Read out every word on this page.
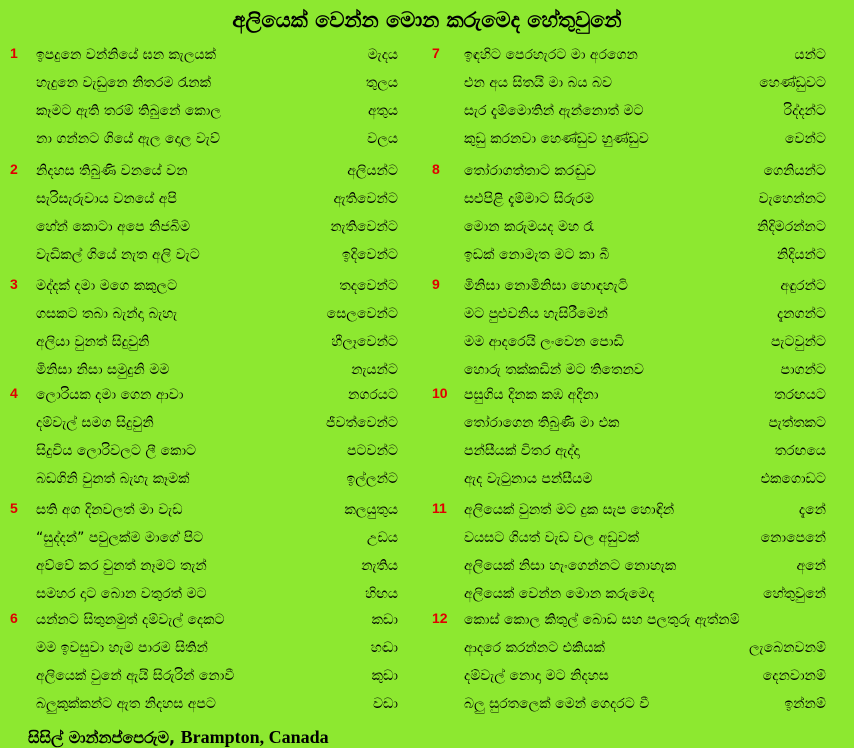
අලියෙක් වෙන්න මොන කරුමෙද හේතුවුනේ
1 ඉපදුනෙ වන්නියේ ඝන කැලයක්	මැදය
හැදුනෙ වැඩුනෙ නිතරම රැනක්	තුලය
කෑමට ඇති තරම් තිබුනේ කොල	අතුය
නා ගන්නට ගියේ ඇල දොල වැව්	වලය
2 නිදහස තිබුණි වනයේ වන	අලියන්ට
සැරිසැරුවාය වනයේ අපි	ඇතිවෙන්ට
හේන් කොටා අපෙ නිජබිම	නැතිවෙන්ට
වැඩිකල් ගියේ නැත අලි වැට	ඉදිවෙන්ට
3 මද්දක් දමා මගෙ කකුලට	තදවෙන්ට
ගසකට තබා බැන්දා බැහැ	සෙලවෙන්ට
අලියා වුනත් සිදුවුනි	හීලෑවෙන්ට
මිනිසා නිසා සමුදුනි මම	නැයන්ට
4 ලොරියක දමා ගෙන ආවා	නගරයට
දම්වැල් සමග සිදුවුනි	ජීවත්වෙන්ට
සිදුවිය ලොරිවලට ලී කොට	පටවන්ට
බඩගිනි වුනත් බැහැ කෑමක්	ඉල්ලන්ට
5 සති අග දිනවලත් මා වැඩ	කලයුතුය
“සුද්දන්” පවුලක්ම මාගේ පිට	උඩය
අව්වේ කර වුනත් නෑමට තැන්	නැතිය
සමහර දාට බොන වතුරත් මට	හිඟය
6 යන්නට සිතුනමුත් දම්වැල් දෙකට	කඩා
මම ඉවසුවා හැම පාරම සිතින්	හඬා
අලියෙක් වුනේ ඇයි සිරුරින් නොවී	කුඩා
බලුකුක්කන්ට ඇත නිදහස අපට	වඩා
7 ඉඳහිට පෙරහැරට මා අරගෙන	යන්ට
එන අය සිතයි මා බය බව	හෙණ්ඩුවට
සැර දැම්මොතින් ඇන්නොත් මට	රිද්දන්ට
කුඩු කරනවා හෙණ්ඩුව හුණ්ඩුව	වෙන්ට
8 තෝරාගත්තාට කරඬුව	ගෙනියන්ට
සළුපිළි දැම්මාට සිරුරම	වැහෙන්නට
මොන කරුමයද මහ රෑ	නිදිමරන්නට
ඉඩක් නොමැත මට කා බී	නිදියන්ට
9 මිනිසා නොමිනිසා හොඳහැටි	අඳුරන්ට
මට පුළුවනිය හැසිරීමෙන්	දැනගන්ට
මම ආදරෙයි ලංවෙන පොඩි	පැටවුන්ට
හොරු තක්කඩින් මට තිතෙනව	පාගන්ට
10 පසුගිය දිනක කඹ අදිනා	තරඟයට
තෝරාගෙන තිබුණි මා එක	පැත්තකට
පන්සීයක් විතර ඇද්දා	තරඟයෙ
ඇද වැටුනාය පන්සීයම	එකගොඩට
11 අලියෙක් වුනත් මට දුක සැප හොඳින්	දැනේ
වයසට ගියත් වැඩ වල අඩුවක්	නොපෙනේ
අලියෙක් නිසා හැංගෙන්නට නොහැක	අනේ
අලියෙක් වෙන්න මොන කරුමෙද	හේතුවුනේ
12 කොස් කොල කිතුල් බොඩ සහ පලතුරු ඇත්නම්
ආදරෙ කරන්නට එකියක්	ලැබෙනවනම්
දම්වැල් නොදා මට නිදහස	දෙනවානම්
බලු සුරතලෙක් මෙන් ගෙදරට වී	ඉන්නම්
සිසිල් මාන්නප්පෙරුම, Brampton, Canada
